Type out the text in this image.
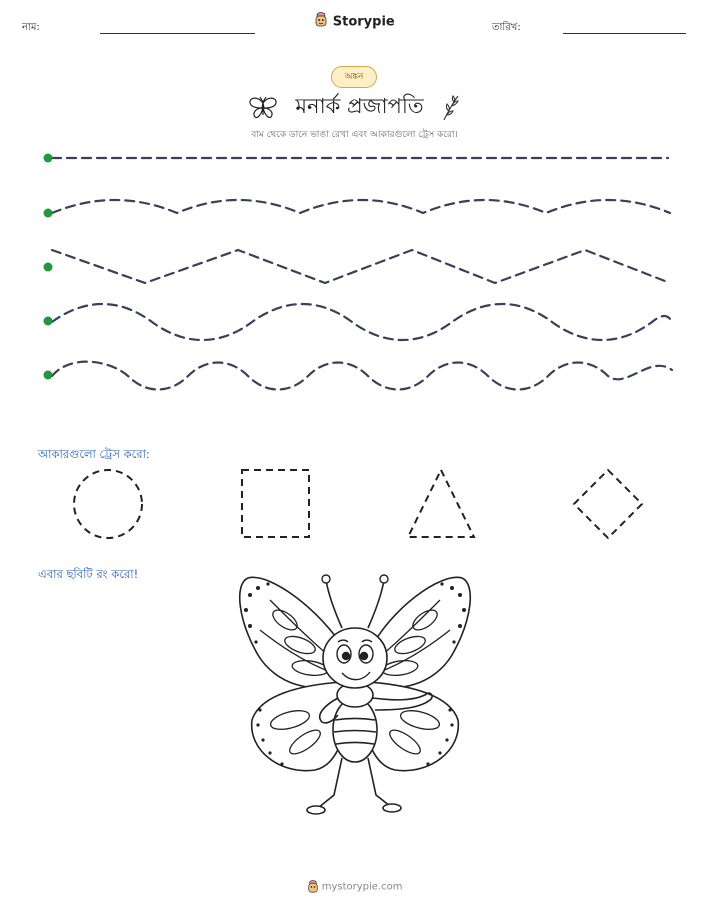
নাম:	Storypie	তারিখ:
অঙ্কন
মনার্ক প্রজাপতি
বাম থেকে ডানে ভাঙা রেখা এবং আকারগুলো ট্রেস করো।
আকারগুলো ট্রেস করো:
এবার ছবিটি রং করো!
mystorypie.com
